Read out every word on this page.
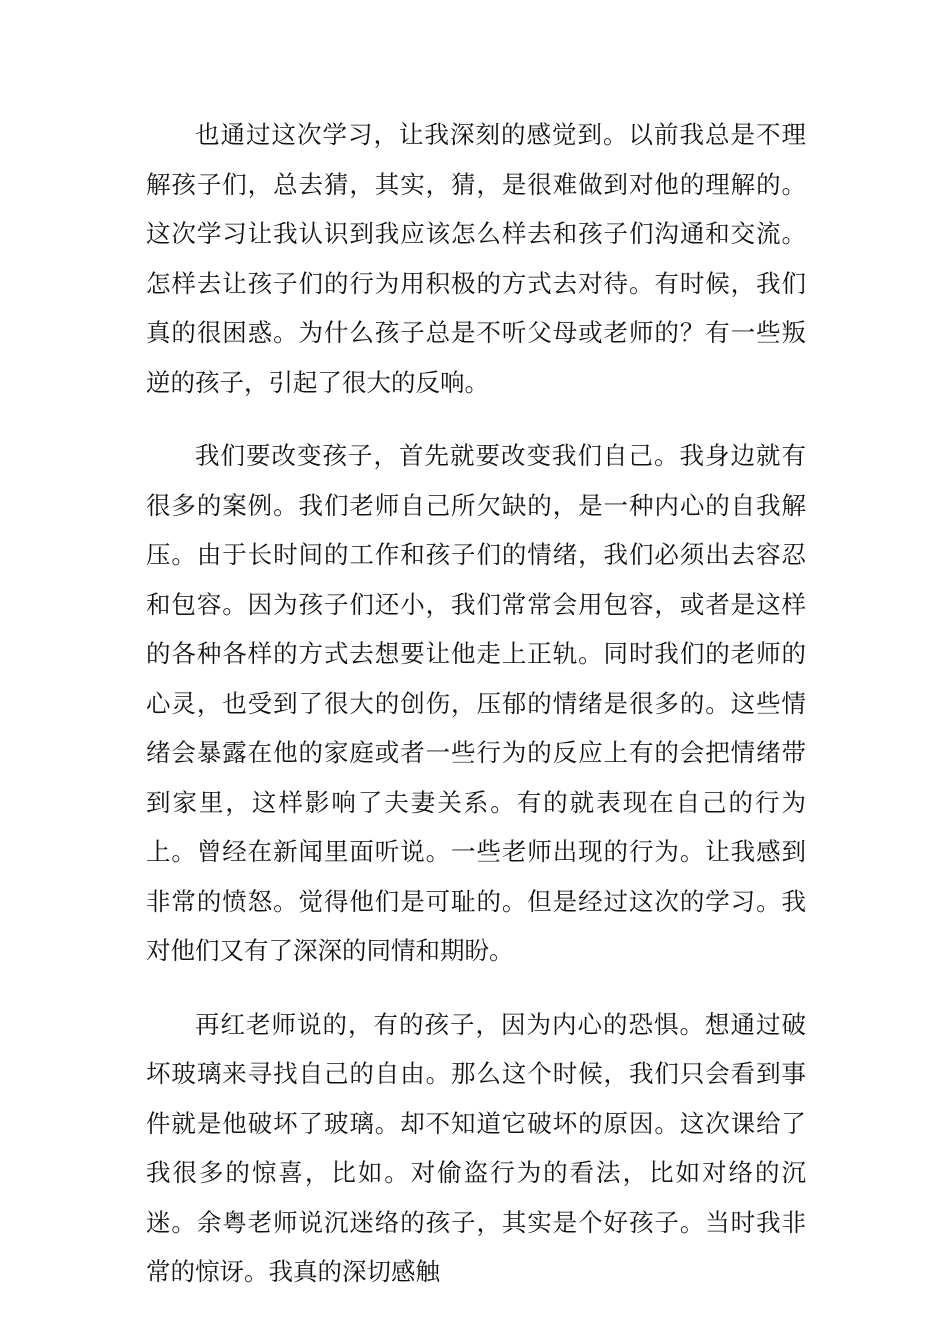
也通过这次学习，让我深刻的感觉到。以前我总是不理解孩子们，总去猜，其实，猜，是很难做到对他的理解的。这次学习让我认识到我应该怎么样去和孩子们沟通和交流。怎样去让孩子们的行为用积极的方式去对待。有时候，我们真的很困惑。为什么孩子总是不听父母或老师的？有一些叛逆的孩子，引起了很大的反响。

我们要改变孩子，首先就要改变我们自己。我身边就有很多的案例。我们老师自己所欠缺的，是一种内心的自我解压。由于长时间的工作和孩子们的情绪，我们必须出去容忍和包容。因为孩子们还小，我们常常会用包容，或者是这样的各种各样的方式去想要让他走上正轨。同时我们的老师的心灵，也受到了很大的创伤，压郁的情绪是很多的。这些情绪会暴露在他的家庭或者一些行为的反应上有的会把情绪带到家里，这样影响了夫妻关系。有的就表现在自己的行为上。曾经在新闻里面听说。一些老师出现的行为。让我感到非常的愤怒。觉得他们是可耻的。但是经过这次的学习。我对他们又有了深深的同情和期盼。

再红老师说的，有的孩子，因为内心的恐惧。想通过破坏玻璃来寻找自己的自由。那么这个时候，我们只会看到事件就是他破坏了玻璃。却不知道它破坏的原因。这次课给了我很多的惊喜，比如。对偷盗行为的看法，比如对络的沉迷。余粤老师说沉迷络的孩子，其实是个好孩子。当时我非常的惊讶。我真的深切感触
